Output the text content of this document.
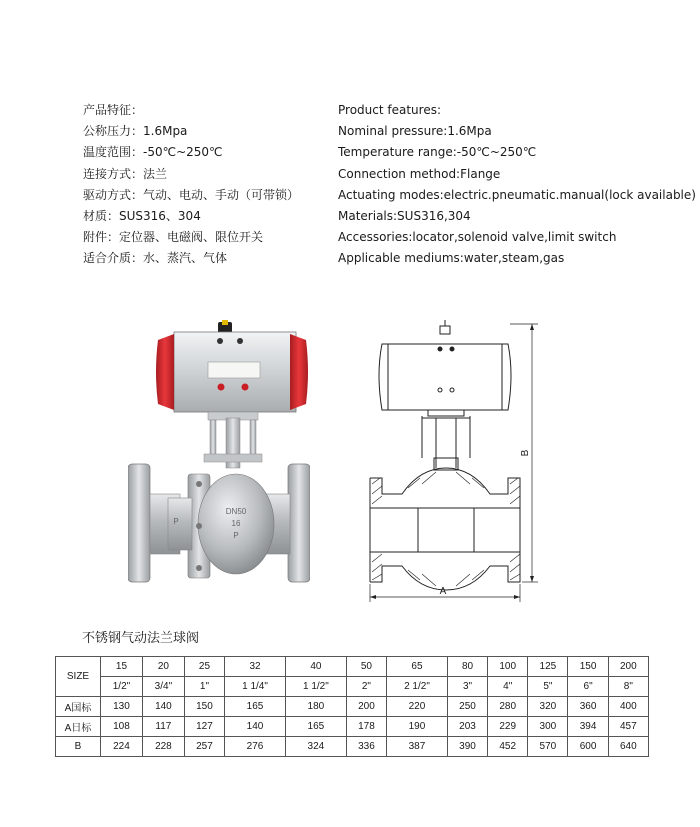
产品特征：
公称压力：1.6Mpa
温度范围：-50℃~250℃
连接方式：法兰
驱动方式：气动、电动、手动（可带锁）
材质：SUS316、304
附件：定位器、电磁阀、限位开关
适合介质：水、蒸汽、气体
Product features:
Nominal pressure:1.6Mpa
Temperature range:-50℃~250℃
Connection method:Flange
Actuating modes:electric.pneumatic.manual(lock available)
Materials:SUS316,304
Accessories:locator,solenoid valve,limit switch
Applicable mediums:water,steam,gas
DN50
16
P
P
A
B
不锈钢气动法兰球阀
SIZE	15	20	25	32	40	50	65	80	100	125	150	200
	1/2"	3/4"	1"	1 1/4"	1 1/2"	2"	2 1/2"	3"	4"	5"	6"	8"
A国标	130	140	150	165	180	200	220	250	280	320	360	400
A日标	108	117	127	140	165	178	190	203	229	300	394	457
B	224	228	257	276	324	336	387	390	452	570	600	640
